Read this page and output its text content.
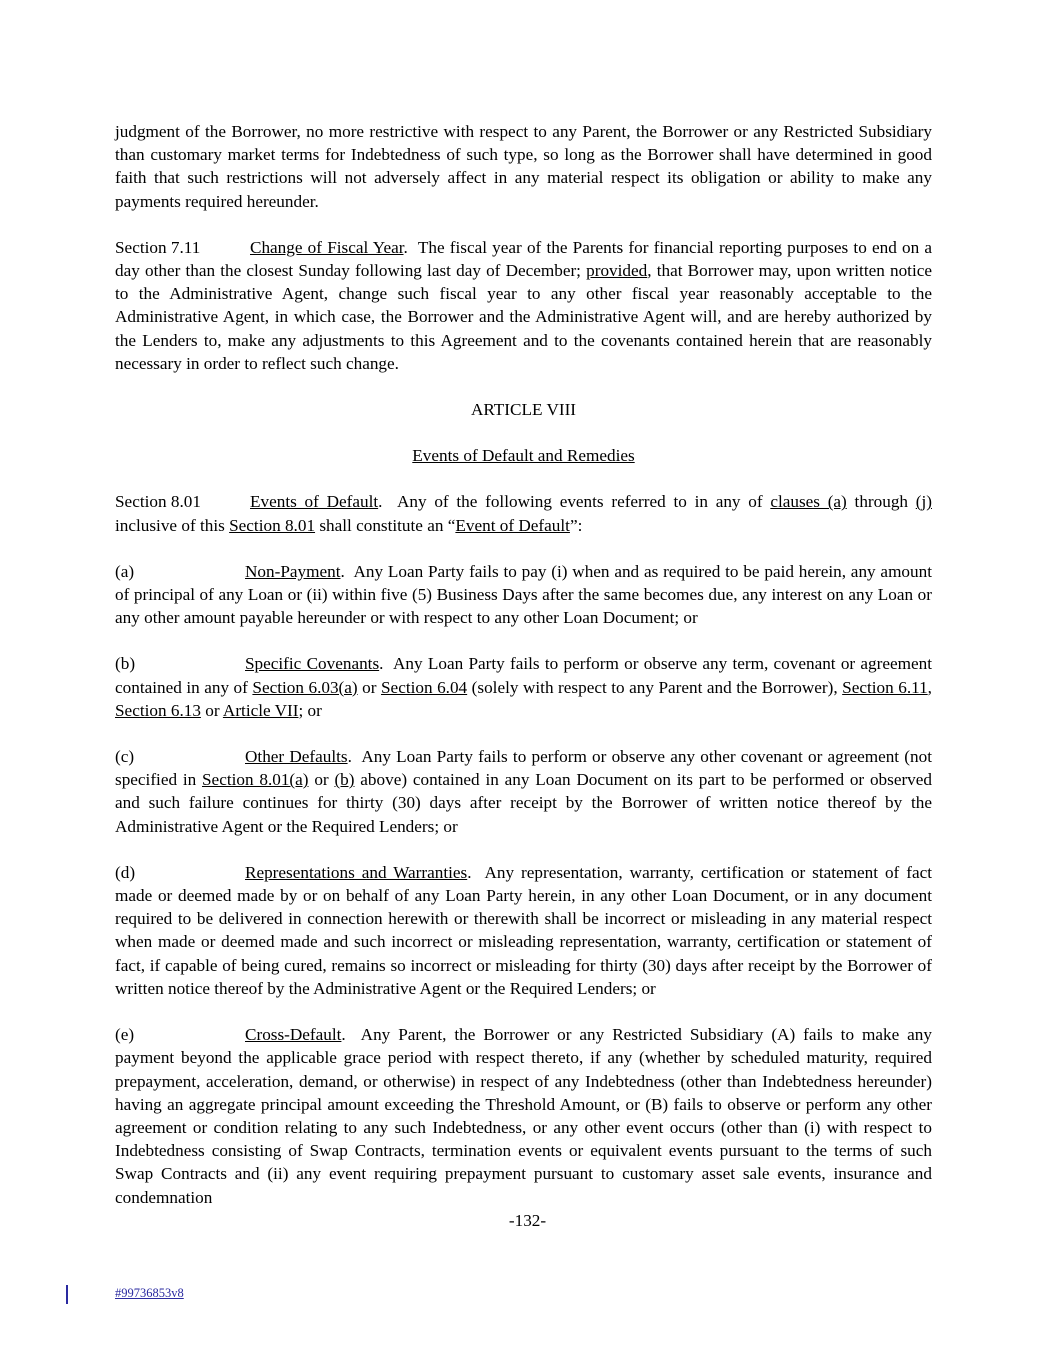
judgment of the Borrower, no more restrictive with respect to any Parent, the Borrower or any Restricted Subsidiary than customary market terms for Indebtedness of such type, so long as the Borrower shall have determined in good faith that such restrictions will not adversely affect in any material respect its obligation or ability to make any payments required hereunder.

Section 7.11	Change of Fiscal Year.  The fiscal year of the Parents for financial reporting purposes to end on a day other than the closest Sunday following last day of December; provided, that Borrower may, upon written notice to the Administrative Agent, change such fiscal year to any other fiscal year reasonably acceptable to the Administrative Agent, in which case, the Borrower and the Administrative Agent will, and are hereby authorized by the Lenders to, make any adjustments to this Agreement and to the covenants contained herein that are reasonably necessary in order to reflect such change.

ARTICLE VIII

Events of Default and Remedies

Section 8.01	Events of Default.  Any of the following events referred to in any of clauses (a) through (j) inclusive of this Section 8.01 shall constitute an “Event of Default”:

(a)	Non-Payment.  Any Loan Party fails to pay (i) when and as required to be paid herein, any amount of principal of any Loan or (ii) within five (5) Business Days after the same becomes due, any interest on any Loan or any other amount payable hereunder or with respect to any other Loan Document; or

(b)	Specific Covenants.  Any Loan Party fails to perform or observe any term, covenant or agreement contained in any of Section 6.03(a) or Section 6.04 (solely with respect to any Parent and the Borrower), Section 6.11, Section 6.13 or Article VII; or

(c)	Other Defaults.  Any Loan Party fails to perform or observe any other covenant or agreement (not specified in Section 8.01(a) or (b) above) contained in any Loan Document on its part to be performed or observed and such failure continues for thirty (30) days after receipt by the Borrower of written notice thereof by the Administrative Agent or the Required Lenders; or

(d)	Representations and Warranties.  Any representation, warranty, certification or statement of fact made or deemed made by or on behalf of any Loan Party herein, in any other Loan Document, or in any document required to be delivered in connection herewith or therewith shall be incorrect or misleading in any material respect when made or deemed made and such incorrect or misleading representation, warranty, certification or statement of fact, if capable of being cured, remains so incorrect or misleading for thirty (30) days after receipt by the Borrower of written notice thereof by the Administrative Agent or the Required Lenders; or

(e)	Cross-Default.  Any Parent, the Borrower or any Restricted Subsidiary (A) fails to make any payment beyond the applicable grace period with respect thereto, if any (whether by scheduled maturity, required prepayment, acceleration, demand, or otherwise) in respect of any Indebtedness (other than Indebtedness hereunder) having an aggregate principal amount exceeding the Threshold Amount, or (B) fails to observe or perform any other agreement or condition relating to any such Indebtedness, or any other event occurs (other than (i) with respect to Indebtedness consisting of Swap Contracts, termination events or equivalent events pursuant to the terms of such Swap Contracts and (ii) any event requiring prepayment pursuant to customary asset sale events, insurance and condemnation

-132-
#99736853v8
